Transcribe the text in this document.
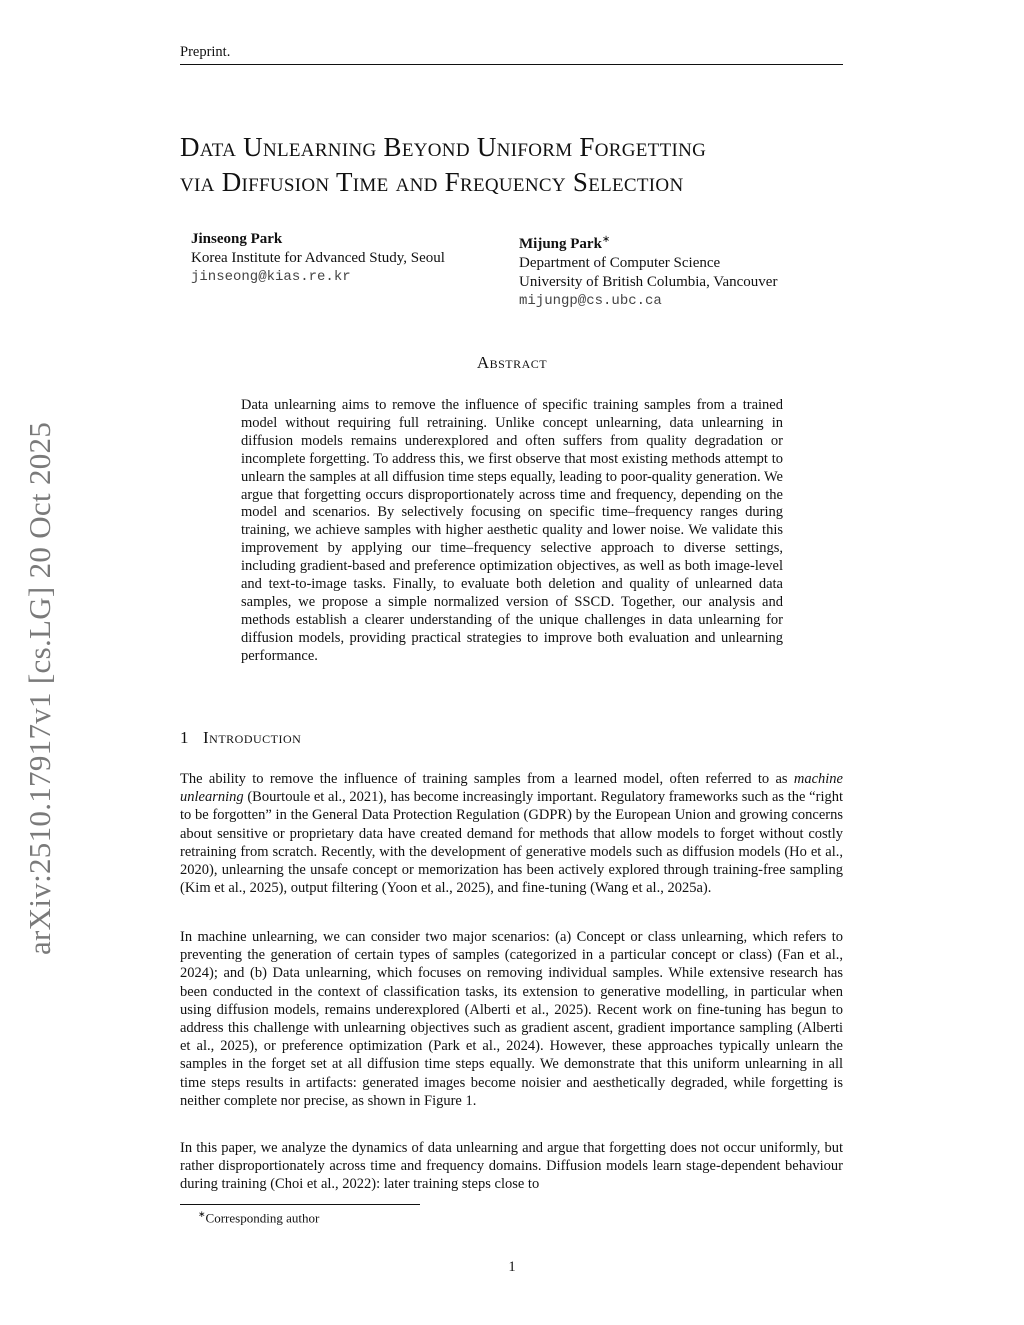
Preprint.
arXiv:2510.17917v1 [cs.LG] 20 Oct 2025
Data Unlearning Beyond Uniform Forgetting
via Diffusion Time and Frequency Selection
Jinseong Park
Korea Institute for Advanced Study, Seoul
jinseong@kias.re.kr
Mijung Park∗
Department of Computer Science
University of British Columbia, Vancouver
mijungp@cs.ubc.ca
Abstract
Data unlearning aims to remove the influence of specific training samples from a trained model without requiring full retraining. Unlike concept unlearning, data unlearning in diffusion models remains underexplored and often suffers from quality degradation or incomplete forgetting. To address this, we first observe that most existing methods attempt to unlearn the samples at all diffusion time steps equally, leading to poor-quality generation. We argue that forgetting occurs disproportionately across time and frequency, depending on the model and scenarios. By selectively focusing on specific time–frequency ranges during training, we achieve samples with higher aesthetic quality and lower noise. We validate this improvement by applying our time–frequency selective approach to diverse settings, including gradient-based and preference optimization objectives, as well as both image-level and text-to-image tasks. Finally, to evaluate both deletion and quality of unlearned data samples, we propose a simple normalized version of SSCD. Together, our analysis and methods establish a clearer understanding of the unique challenges in data unlearning for diffusion models, providing practical strategies to improve both evaluation and unlearning performance.
1 Introduction
The ability to remove the influence of training samples from a learned model, often referred to as machine unlearning (Bourtoule et al., 2021), has become increasingly important. Regulatory frameworks such as the “right to be forgotten” in the General Data Protection Regulation (GDPR) by the European Union and growing concerns about sensitive or proprietary data have created demand for methods that allow models to forget without costly retraining from scratch. Recently, with the development of generative models such as diffusion models (Ho et al., 2020), unlearning the unsafe concept or memorization has been actively explored through training-free sampling (Kim et al., 2025), output filtering (Yoon et al., 2025), and fine-tuning (Wang et al., 2025a).
In machine unlearning, we can consider two major scenarios: (a) Concept or class unlearning, which refers to preventing the generation of certain types of samples (categorized in a particular concept or class) (Fan et al., 2024); and (b) Data unlearning, which focuses on removing individual samples. While extensive research has been conducted in the context of classification tasks, its extension to generative modelling, in particular when using diffusion models, remains underexplored (Alberti et al., 2025). Recent work on fine-tuning has begun to address this challenge with unlearning objectives such as gradient ascent, gradient importance sampling (Alberti et al., 2025), or preference optimization (Park et al., 2024). However, these approaches typically unlearn the samples in the forget set at all diffusion time steps equally. We demonstrate that this uniform unlearning in all time steps results in artifacts: generated images become noisier and aesthetically degraded, while forgetting is neither complete nor precise, as shown in Figure 1.
In this paper, we analyze the dynamics of data unlearning and argue that forgetting does not occur uniformly, but rather disproportionately across time and frequency domains. Diffusion models learn stage-dependent behaviour during training (Choi et al., 2022): later training steps close to
∗Corresponding author
1
